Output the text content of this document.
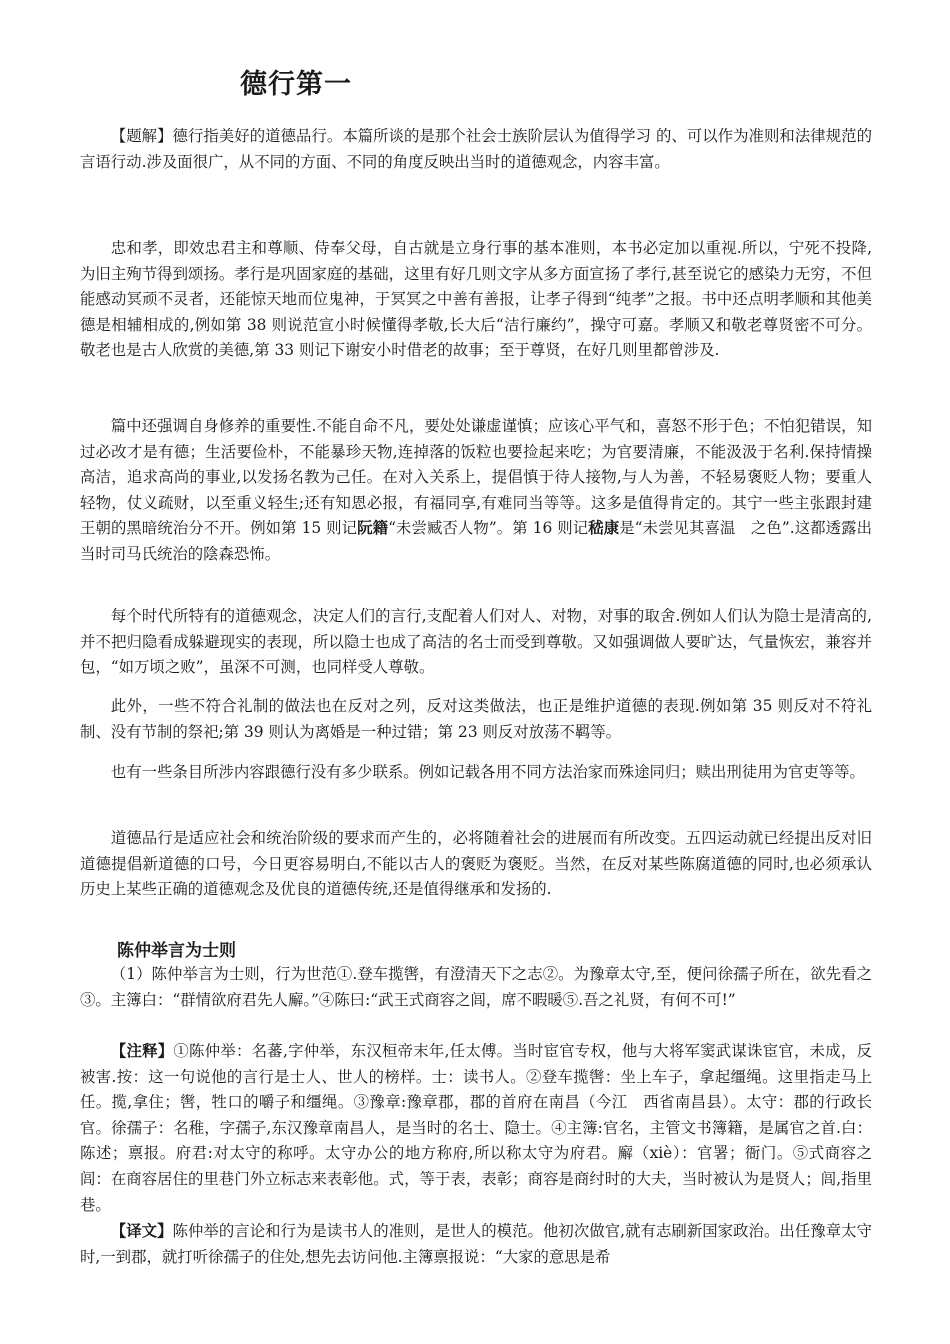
德行第一

【题解】德行指美好的道德品行。本篇所谈的是那个社会士族阶层认为值得学习 的、可以作为准则和法律规范的言语行动.涉及面很广，从不同的方面、不同的角度反映出当时的道德观念，内容丰富。

忠和孝，即效忠君主和尊顺、侍奉父母，自古就是立身行事的基本准则，本书必定加以重视.所以，宁死不投降,为旧主殉节得到颂扬。孝行是巩固家庭的基础，这里有好几则文字从多方面宣扬了孝行,甚至说它的感染力无穷，不但能感动冥顽不灵者，还能惊天地而位鬼神，于冥冥之中善有善报，让孝子得到“纯孝”之报。书中还点明孝顺和其他美德是相辅相成的,例如第 38 则说范宣小时候懂得孝敬,长大后“洁行廉约”，操守可嘉。孝顺又和敬老尊贤密不可分。敬老也是古人欣赏的美德,第 33 则记下谢安小时借老的故事；至于尊贤，在好几则里都曾涉及.

篇中还强调自身修养的重要性.不能自命不凡，要处处谦虚谨慎；应该心平气和，喜怒不形于色；不怕犯错误，知过必改才是有德；生活要俭朴，不能暴珍天物,连掉落的饭粒也要捡起来吃；为官要清廉，不能汲汲于名利.保持情操高洁，追求高尚的事业,以发扬名教为己任。在对入关系上，提倡慎于待人接物,与人为善，不轻易褒贬人物；要重人轻物，仗义疏财，以至重义轻生;还有知恩必报，有福同享,有难同当等等。这多是值得肯定的。其宁一些主张跟封建王朝的黑暗统治分不开。例如第 15 则记阮籍“未尝臧否人物”。第 16 则记嵇康是“未尝见其喜温　之色”.这都透露出当时司马氏统治的陰森恐怖。

每个时代所特有的道德观念，决定人们的言行,支配着人们对人、对物，对事的取舍.例如人们认为隐士是清高的,并不把归隐看成躲避现实的表现，所以隐士也成了高洁的名士而受到尊敬。又如强调做人要旷达，气量恢宏，兼容并包，“如万顷之败”，虽深不可测，也同样受人尊敬。

此外，一些不符合礼制的做法也在反对之列，反对这类做法，也正是维护道德的表现.例如第 35 则反对不符礼制、没有节制的祭祀;第 39 则认为离婚是一种过错；第 23 则反对放荡不羁等。

也有一些条目所涉内容跟德行没有多少联系。例如记载各用不同方法治家而殊途同归；赎出刑徒用为官吏等等。

道德品行是适应社会和统治阶级的要求而产生的，必将随着社会的进展而有所改变。五四运动就已经提出反对旧道德提倡新道德的口号，今日更容易明白,不能以古人的褒贬为褒贬。当然，在反对某些陈腐道德的同时,也必须承认历史上某些正确的道德观念及优良的道德传统,还是值得继承和发扬的.

陈仲举言为士则

（1）陈仲举言为士则，行为世范①.登车揽辔，有澄清天下之志②。为豫章太守,至，便问徐孺子所在，欲先看之③。主簿白：“群情欲府君先人廨。”④陈曰:“武王式商容之闾，席不暇暖⑤.吾之礼贤，有何不可!”

【注释】①陈仲举：名蕃,字仲举，东汉桓帝末年,任太傅。当时宦官专权，他与大将军窦武谋诛宦官，未成，反被害.按：这一句说他的言行是士人、世人的榜样。士：读书人。②登车揽辔：坐上车子，拿起缰绳。这里指走马上任。揽,拿住；辔，牲口的嚼子和缰绳。③豫章:豫章郡，郡的首府在南昌（今江　西省南昌县）。太守：郡的行政长官。徐孺子：名稚，字孺子,东汉豫章南昌人，是当时的名士、隐士。④主簿:官名，主管文书簿籍，是属官之首.白：陈述；禀报。府君:对太守的称呼。太守办公的地方称府,所以称太守为府君。廨（xiè）：官署；衙门。⑤式商容之闾：在商容居住的里巷门外立标志来表彰他。式，等于表，表彰；商容是商纣时的大夫，当时被认为是贤人；闾,指里巷。

【译文】陈仲举的言论和行为是读书人的准则，是世人的模范。他初次做官,就有志刷新国家政治。出任豫章太守时,一到郡，就打听徐孺子的住处,想先去访问他.主簿禀报说：“大家的意思是希
